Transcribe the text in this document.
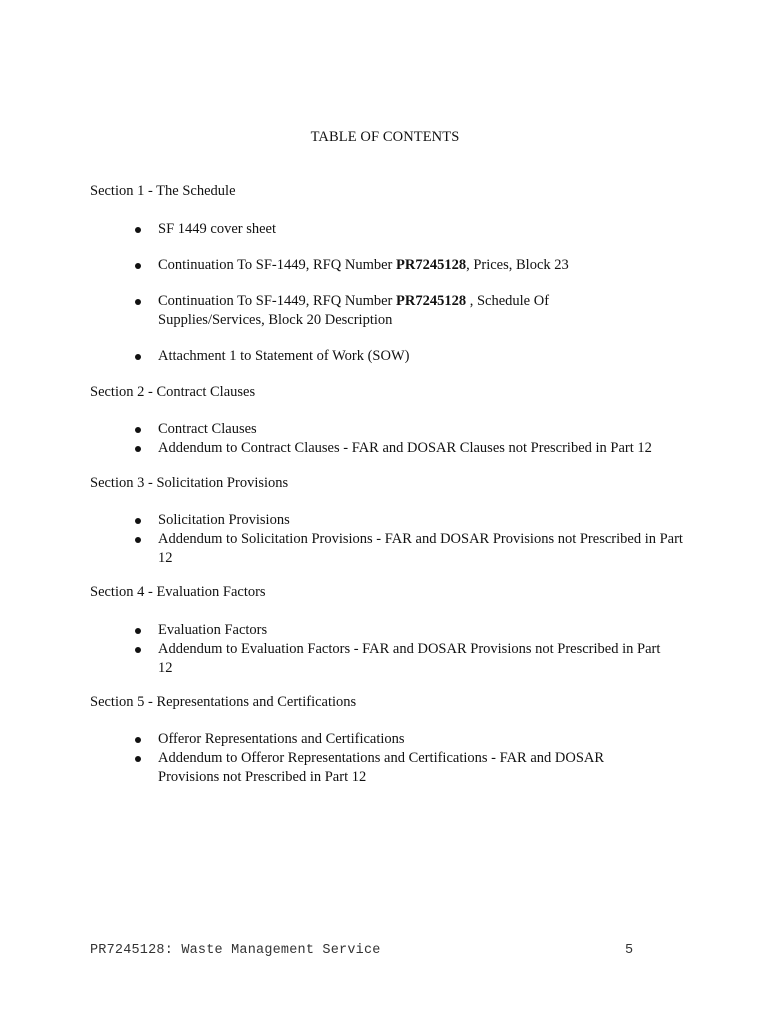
TABLE OF CONTENTS
Section 1 - The Schedule
SF 1449 cover sheet
Continuation To SF-1449, RFQ Number PR7245128, Prices, Block 23
Continuation To SF-1449, RFQ Number PR7245128 , Schedule Of Supplies/Services, Block 20 Description
Attachment 1 to Statement of Work (SOW)
Section 2 - Contract Clauses
Contract Clauses
Addendum to Contract Clauses - FAR and DOSAR Clauses not Prescribed in Part 12
Section 3 - Solicitation Provisions
Solicitation Provisions
Addendum to Solicitation Provisions - FAR and DOSAR Provisions not Prescribed in Part 12
Section 4 - Evaluation Factors
Evaluation Factors
Addendum to Evaluation Factors - FAR and DOSAR Provisions not Prescribed in Part 12
Section 5 - Representations and Certifications
Offeror Representations and Certifications
Addendum to Offeror Representations and Certifications - FAR and DOSAR Provisions not Prescribed in Part 12
PR7245128: Waste Management Service	5
